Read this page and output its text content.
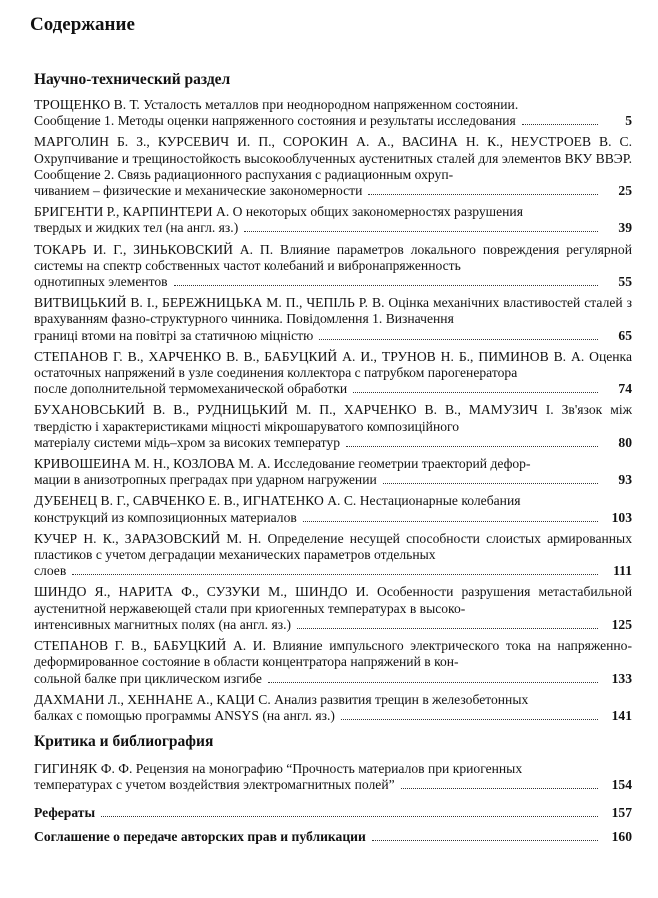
Содержание
Научно-технический раздел
ТРОЩЕНКО В. Т. Усталость металлов при неоднородном напряженном состоянии.
Сообщение 1. Методы оценки напряженного состояния и результаты исследования	5
МАРГОЛИН Б. З., КУРСЕВИЧ И. П., СОРОКИН А. А., ВАСИНА Н. К., НЕУСТРОЕВ В. С. Охрупчивание и трещиностойкость высокооблученных аустенитных сталей для элементов ВКУ ВВЭР. Сообщение 2. Связь радиационного распухания с радиационным охруп-
чиванием – физические и механические закономерности	25
БРИГЕНТИ Р., КАРПИНТЕРИ А. О некоторых общих закономерностях разрушения
твердых и жидких тел (на англ. яз.)	39
ТОКАРЬ И. Г., ЗИНЬКОВСКИЙ А. П. Влияние параметров локального повреждения регулярной системы на спектр собственных частот колебаний и вибронапряженность
однотипных элементов	55
ВИТВИЦЬКИЙ В. І., БЕРЕЖНИЦЬКА М. П., ЧЕПІЛЬ Р. В. Оцінка механічних властивостей сталей з врахуванням фазно-структурного чинника. Повідомлення 1. Визначення
границі втоми на повітрі за статичною міцністю	65
СТЕПАНОВ Г. В., ХАРЧЕНКО В. В., БАБУЦКИЙ А. И., ТРУНОВ Н. Б., ПИМИНОВ В. А. Оценка остаточных напряжений в узле соединения коллектора с патрубком парогенератора
после дополнительной термомеханической обработки	74
БУХАНОВСЬКИЙ В. В., РУДНИЦЬКИЙ М. П., ХАРЧЕНКО В. В., МАМУЗИЧ І. Зв'язок між твердістю і характеристиками міцності мікрошаруватого композиційного
матеріалу системи мідь–хром за високих температур	80
КРИВОШЕИНА М. Н., КОЗЛОВА М. А. Исследование геометрии траекторий дефор-
мации в анизотропных преградах при ударном нагружении	93
ДУБЕНЕЦ В. Г., САВЧЕНКО Е. В., ИГНАТЕНКО А. С. Нестационарные колебания
конструкций из композиционных материалов	103
КУЧЕР Н. К., ЗАРАЗОВСКИЙ М. Н. Определение несущей способности слоистых армированных пластиков с учетом деградации механических параметров отдельных
слоев	111
ШИНДО Я., НАРИТА Ф., СУЗУКИ М., ШИНДО И. Особенности разрушения метастабильной аустенитной нержавеющей стали при криогенных температурах в высоко-
интенсивных магнитных полях (на англ. яз.)	125
СТЕПАНОВ Г. В., БАБУЦКИЙ А. И. Влияние импульсного электрического тока на напряженно-деформированное состояние в области концентратора напряжений в кон-
сольной балке при циклическом изгибе	133
ДАХМАНИ Л., ХЕННАНЕ А., КАЦИ С. Анализ развития трещин в железобетонных
балках с помощью программы ANSYS (на англ. яз.)	141
Критика и библиография
ГИГИНЯК Ф. Ф. Рецензия на монографию “Прочность материалов при криогенных
температурах с учетом воздействия электромагнитных полей”	154
Рефераты	157
Соглашение о передаче авторских прав и публикации	160
